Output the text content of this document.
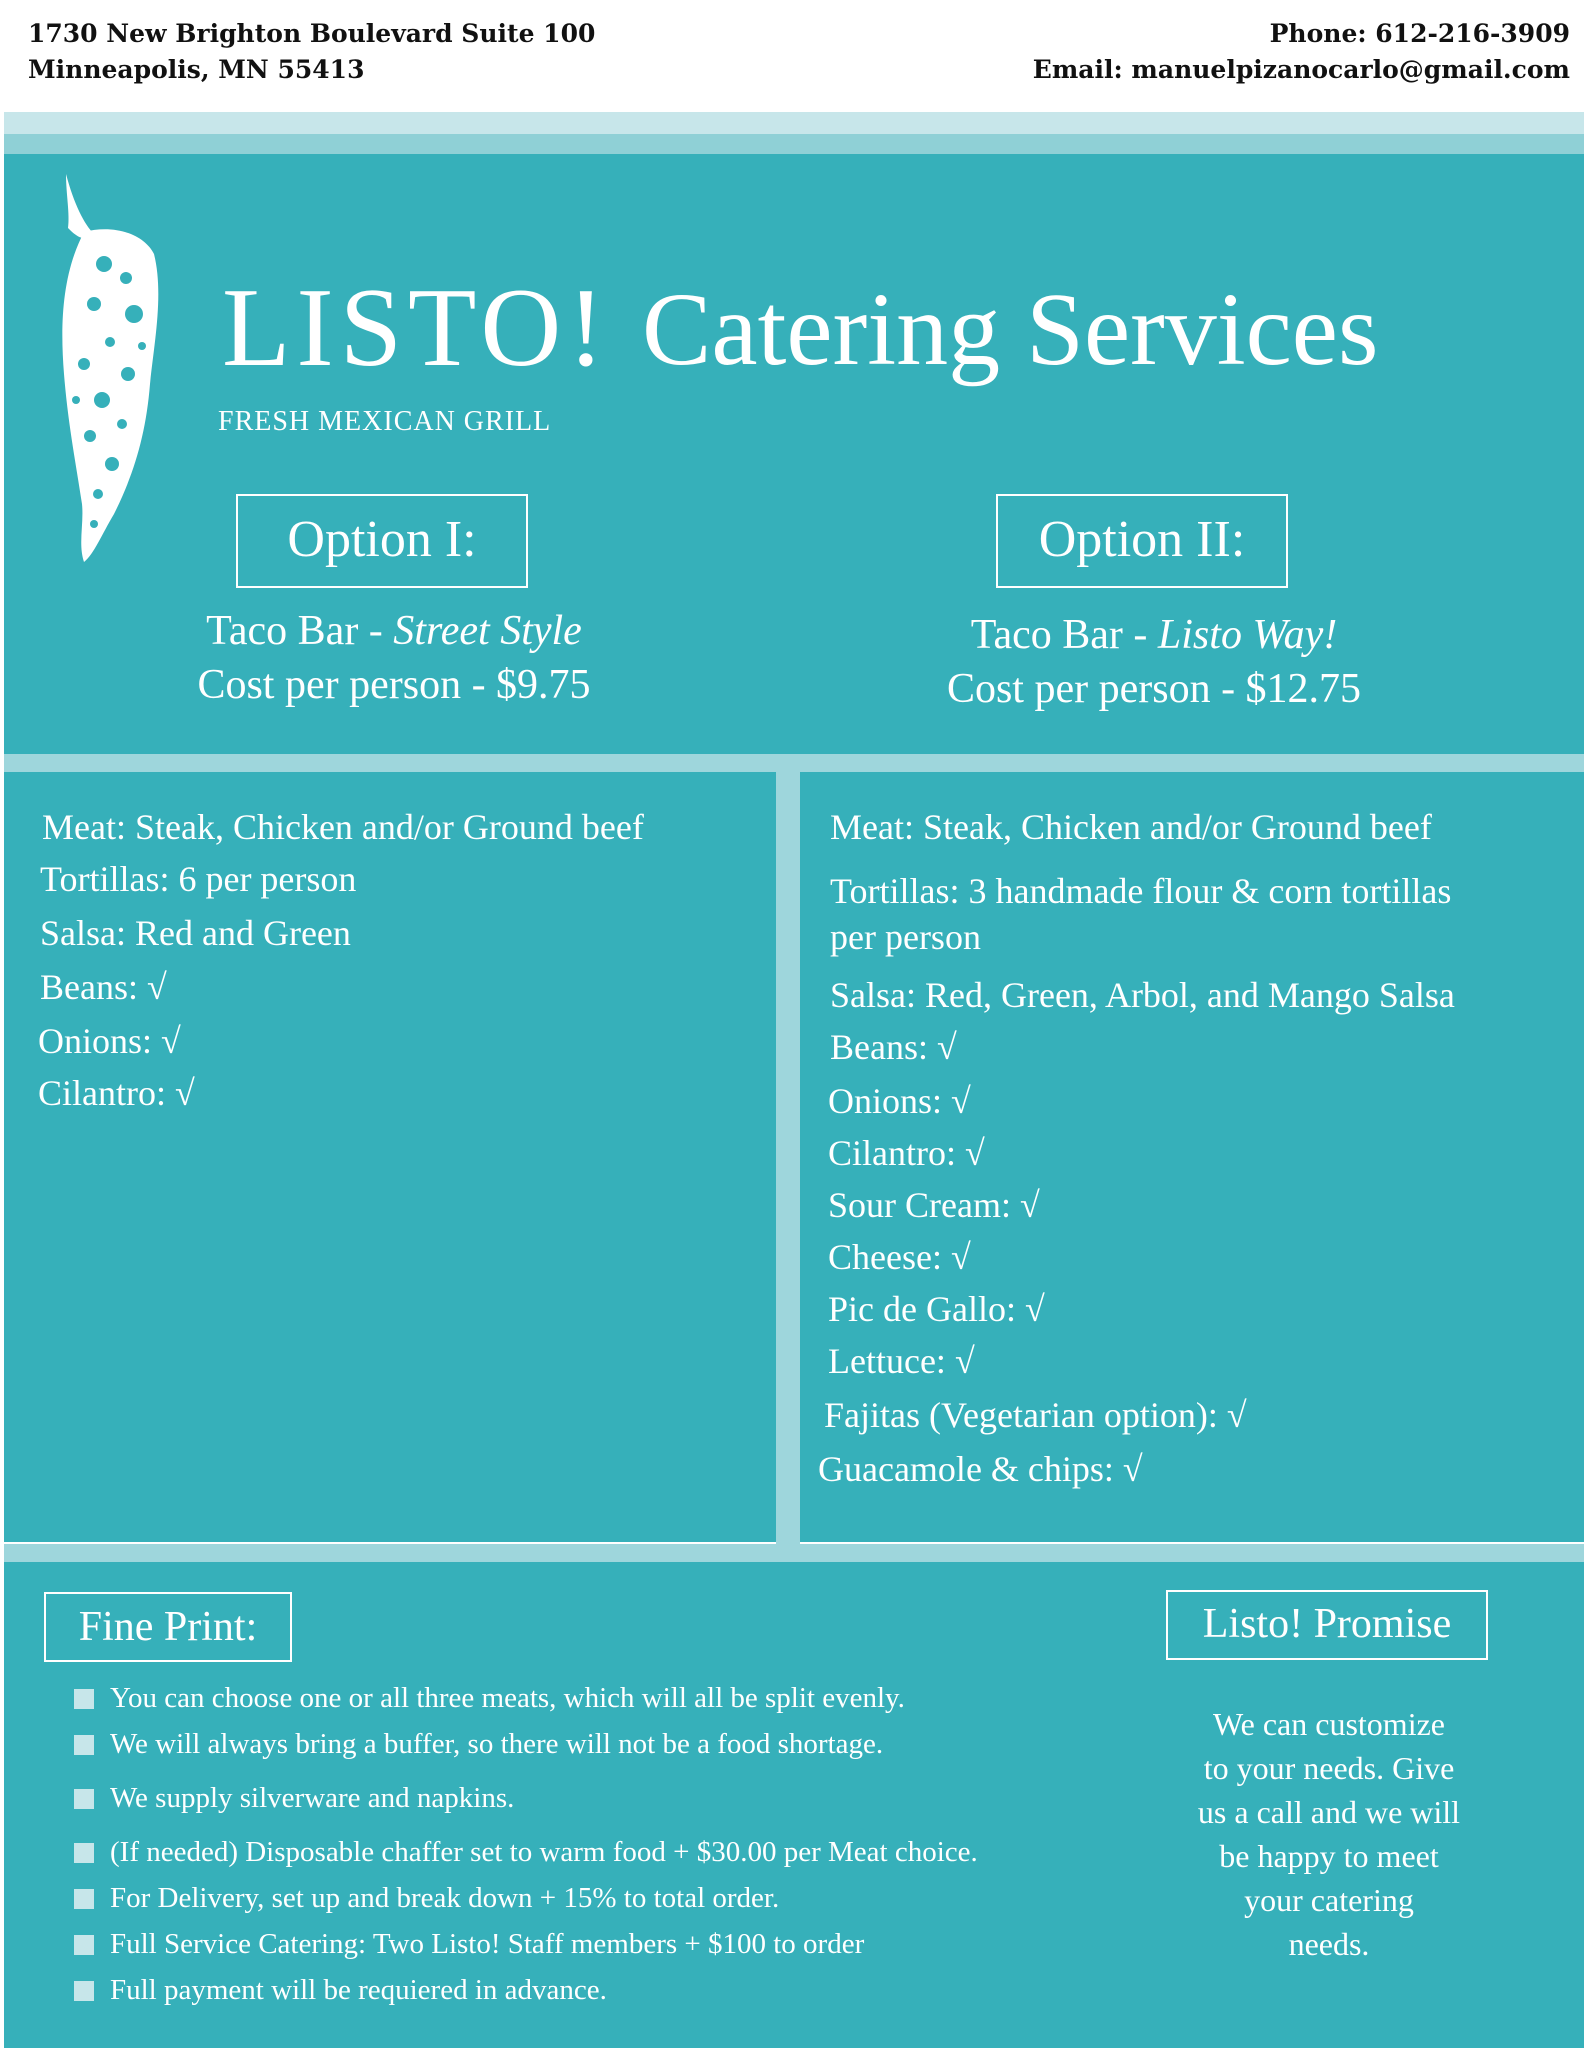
1730 New Brighton Boulevard Suite 100
Minneapolis, MN 55413
Phone: 612-216-3909
Email: manuelpizanocarlo@gmail.com
LISTO!
FRESH MEXICAN GRILL
Catering Services
Option I:	Option II:
Taco Bar - Street Style
Cost per person - $9.75
Taco Bar - Listo Way!
Cost per person - $12.75
Meat: Steak, Chicken and/or Ground beef
Tortillas: 6 per person
Salsa: Red and Green
Beans: √
Onions: √
Cilantro: √
Meat: Steak, Chicken and/or Ground beef
Tortillas: 3 handmade flour & corn tortillas
per person
Salsa: Red, Green, Arbol, and Mango Salsa
Beans: √
Onions: √
Cilantro: √
Sour Cream: √
Cheese: √
Pic de Gallo: √
Lettuce: √
Fajitas (Vegetarian option): √
Guacamole & chips: √
Fine Print:	Listo! Promise
You can choose one or all three meats, which will all be split evenly.
We will always bring a buffer, so there will not be a food shortage.
We supply silverware and napkins.
(If needed) Disposable chaffer set to warm food + $30.00 per Meat choice.
For Delivery, set up and break down + 15% to total order.
Full Service Catering: Two Listo! Staff members + $100 to order
Full payment will be requiered in advance.
We can customize
to your needs. Give
us a call and we will
be happy to meet
your catering
needs.
